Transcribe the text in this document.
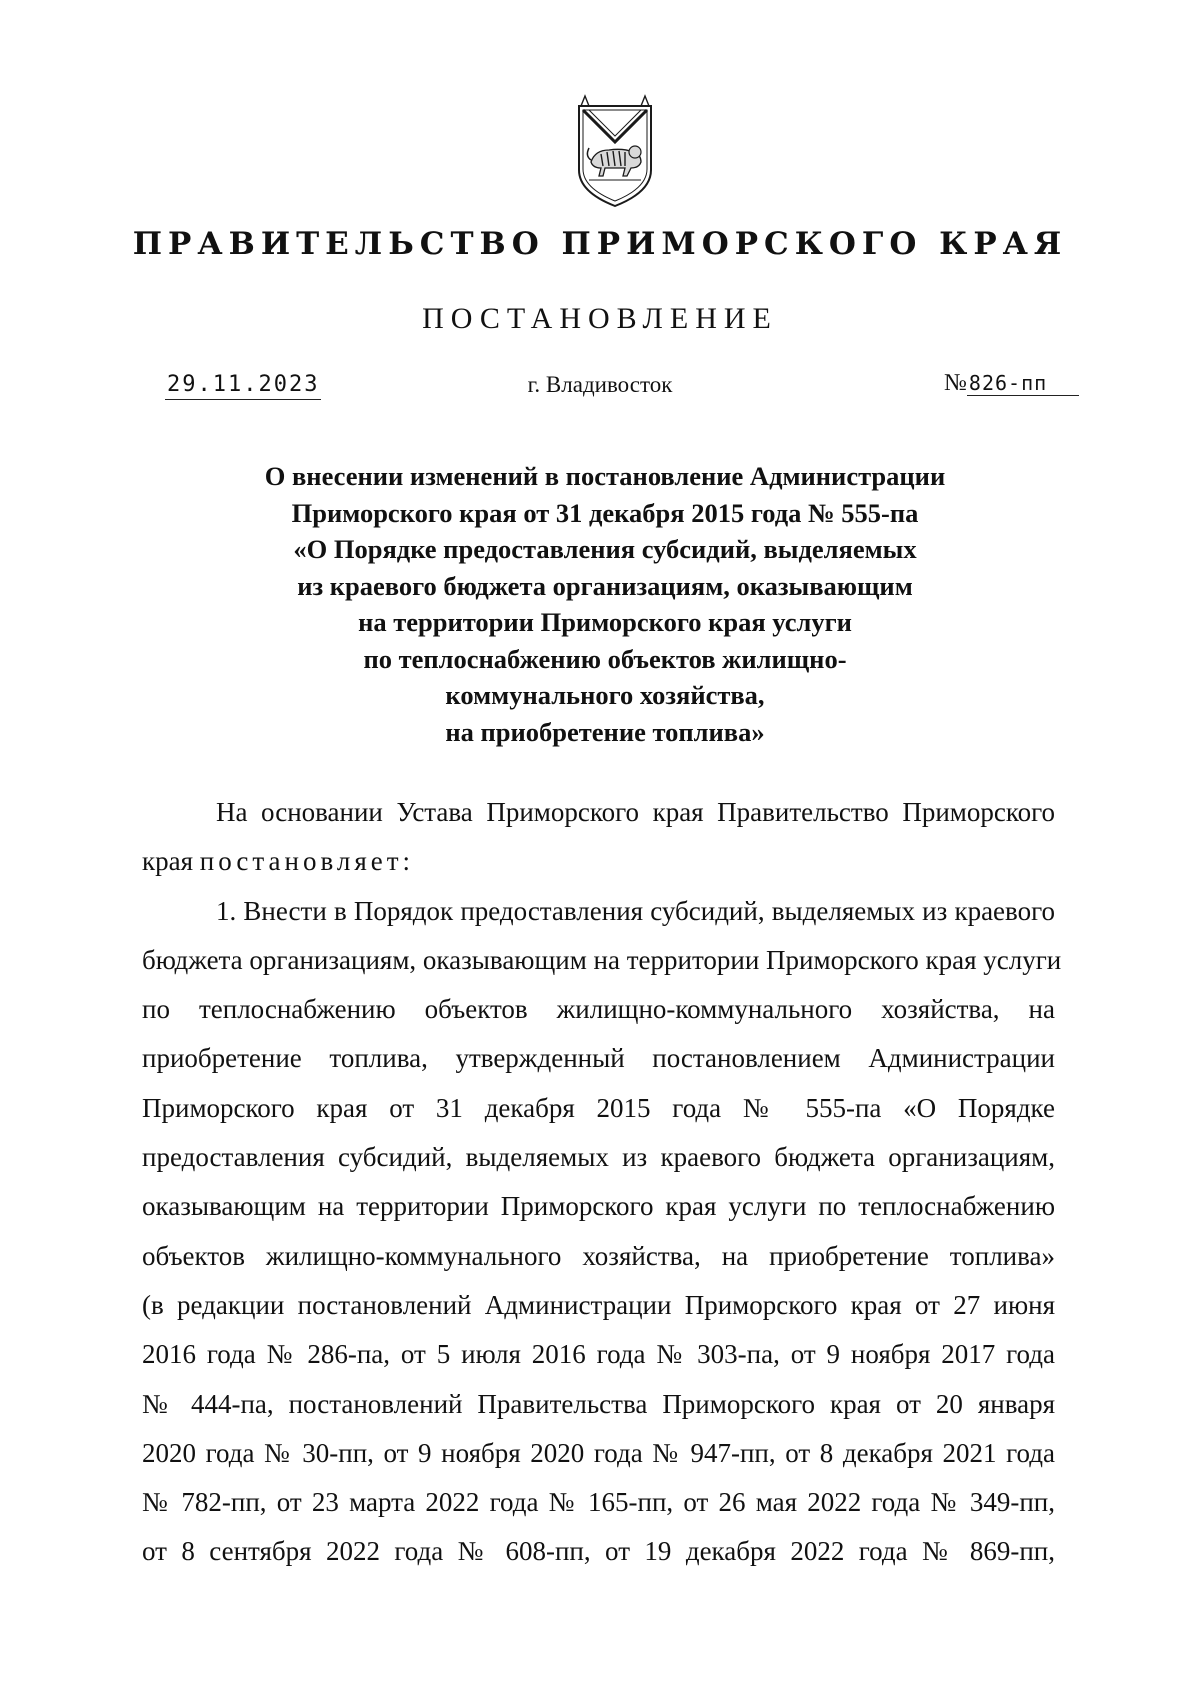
ПРАВИТЕЛЬСТВО ПРИМОРСКОГО КРАЯ
ПОСТАНОВЛЕНИЕ
29.11.2023	г. Владивосток	№ 826-пп
О внесении изменений в постановление Администрации
Приморского края от 31 декабря 2015 года № 555-па
«О Порядке предоставления субсидий, выделяемых
из краевого бюджета организациям, оказывающим
на территории Приморского края услуги
по теплоснабжению объектов жилищно-
коммунального хозяйства,
на приобретение топлива»
На основании Устава Приморского края Правительство Приморского
края постановляет:
1. Внести в Порядок предоставления субсидий, выделяемых из краевого
бюджета организациям, оказывающим на территории Приморского края услуги
по теплоснабжению объектов жилищно-коммунального хозяйства, на
приобретение топлива, утвержденный постановлением Администрации
Приморского края от 31 декабря 2015 года № 555-па «О Порядке
предоставления субсидий, выделяемых из краевого бюджета организациям,
оказывающим на территории Приморского края услуги по теплоснабжению
объектов жилищно-коммунального хозяйства, на приобретение топлива»
(в редакции постановлений Администрации Приморского края от 27 июня
2016 года № 286-па, от 5 июля 2016 года № 303-па, от 9 ноября 2017 года
№ 444-па, постановлений Правительства Приморского края от 20 января
2020 года № 30-пп, от 9 ноября 2020 года № 947-пп, от 8 декабря 2021 года
№ 782-пп, от 23 марта 2022 года № 165-пп, от 26 мая 2022 года № 349-пп,
от 8 сентября 2022 года № 608-пп, от 19 декабря 2022 года № 869-пп,
